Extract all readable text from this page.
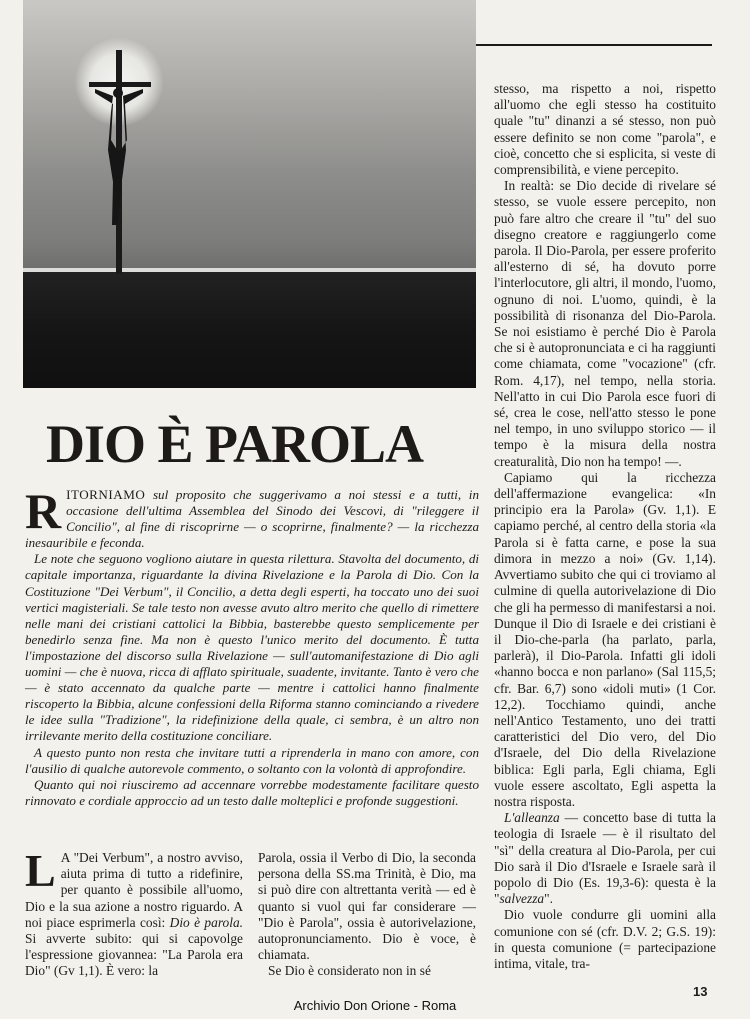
DIO È PAROLA

RITORNIAMO sul proposito che suggerivamo a noi stessi e a tutti, in occasione dell'ultima Assemblea del Sinodo dei Vescovi, di "rileggere il Concilio", al fine di riscoprirne — o scoprirne, finalmente? — la ricchezza inesauribile e feconda.

Le note che seguono vogliono aiutare in questa rilettura. Stavolta del documento, di capitale importanza, riguardante la divina Rivelazione e la Parola di Dio. Con la Costituzione "Dei Verbum", il Concilio, a detta degli esperti, ha toccato uno dei suoi vertici magisteriali. Se tale testo non avesse avuto altro merito che quello di rimettere nelle mani dei cristiani cattolici la Bibbia, basterebbe questo semplicemente per benedirlo senza fine. Ma non è questo l'unico merito del documento. È tutta l'impostazione del discorso sulla Rivelazione — sull'automanifestazione di Dio agli uomini — che è nuova, ricca di afflato spirituale, suadente, invitante. Tanto è vero che — è stato accennato da qualche parte — mentre i cattolici hanno finalmente riscoperto la Bibbia, alcune confessioni della Riforma stanno cominciando a rivedere le idee sulla "Tradizione", la ridefinizione della quale, ci sembra, è un altro non irrilevante merito della costituzione conciliare.

A questo punto non resta che invitare tutti a riprenderla in mano con amore, con l'ausilio di qualche autorevole commento, o soltanto con la volontà di approfondire.

Quanto qui noi riusciremo ad accennare vorrebbe modestamente facilitare questo rinnovato e cordiale approccio ad un testo dalle molteplici e profonde suggestioni.

L A "Dei Verbum", a nostro avviso, aiuta prima di tutto a ridefinire, per quanto è possibile all'uomo, Dio e la sua azione a nostro riguardo. A noi piace esprimerla così: Dio è parola. Si avverte subito: qui si capovolge l'espressione giovannea: "La Parola era Dio" (Gv 1,1). È vero: la

Parola, ossia il Verbo di Dio, la seconda persona della SS.ma Trinità, è Dio, ma si può dire con altrettanta verità — ed è quanto si vuol qui far considerare — "Dio è Parola", ossia è autorivelazione, autopronunciamento. Dio è voce, è chiamata.

Se Dio è considerato non in sé

stesso, ma rispetto a noi, rispetto all'uomo che egli stesso ha costituito quale "tu" dinanzi a sé stesso, non può essere definito se non come "parola", e cioè, concetto che si esplicita, si veste di comprensibilità, e viene percepito.

In realtà: se Dio decide di rivelare sé stesso, se vuole essere percepito, non può fare altro che creare il "tu" del suo disegno creatore e raggiungerlo come parola. Il Dio-Parola, per essere proferito all'esterno di sé, ha dovuto porre l'interlocutore, gli altri, il mondo, l'uomo, ognuno di noi. L'uomo, quindi, è la possibilità di risonanza del Dio-Parola. Se noi esistiamo è perché Dio è Parola che si è autopronunciata e ci ha raggiunti come chiamata, come "vocazione" (cfr. Rom. 4,17), nel tempo, nella storia. Nell'atto in cui Dio Parola esce fuori di sé, crea le cose, nell'atto stesso le pone nel tempo, in uno sviluppo storico — il tempo è la misura della nostra creaturalità, Dio non ha tempo! —.

Capiamo qui la ricchezza dell'affermazione evangelica: «In principio era la Parola» (Gv. 1,1). E capiamo perché, al centro della storia «la Parola si è fatta carne, e pose la sua dimora in mezzo a noi» (Gv. 1,14). Avvertiamo subito che qui ci troviamo al culmine di quella autorivelazione di Dio che gli ha permesso di manifestarsi a noi. Dunque il Dio di Israele e dei cristiani è il Dio-che-parla (ha parlato, parla, parlerà), il Dio-Parola. Infatti gli idoli «hanno bocca e non parlano» (Sal 115,5; cfr. Bar. 6,7) sono «idoli muti» (1 Cor. 12,2). Tocchiamo quindi, anche nell'Antico Testamento, uno dei tratti caratteristici del Dio vero, del Dio d'Israele, del Dio della Rivelazione biblica: Egli parla, Egli chiama, Egli vuole essere ascoltato, Egli aspetta la nostra risposta.

L'alleanza — concetto base di tutta la teologia di Israele — è il risultato del "sì" della creatura al Dio-Parola, per cui Dio sarà il Dio d'Israele e Israele sarà il popolo di Dio (Es. 19,3-6): questa è la "salvezza".

Dio vuole condurre gli uomini alla comunione con sé (cfr. D.V. 2; G.S. 19): in questa comunione (= partecipazione intima, vitale, tra-

13
Archivio Don Orione - Roma
